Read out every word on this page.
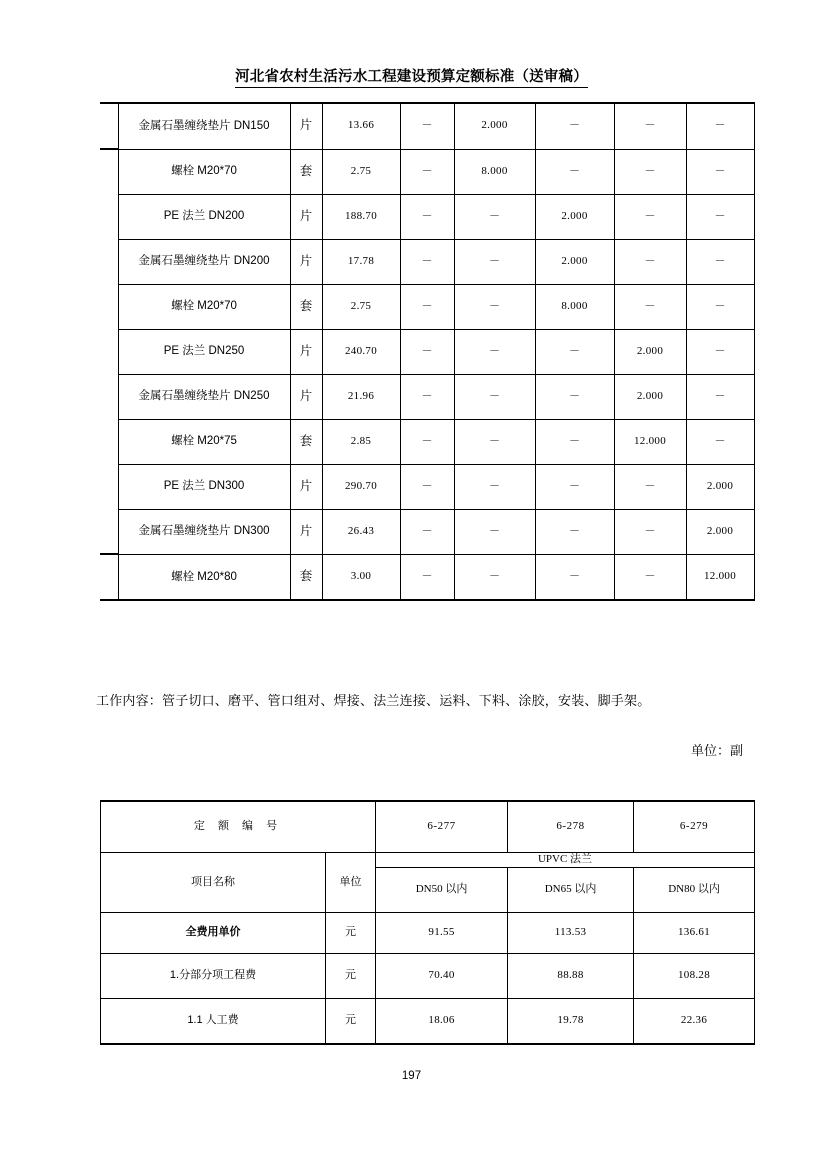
河北省农村生活污水工程建设预算定额标准（送审稿）
	金属石墨缠绕垫片 DN150	片	13.66	－	2.000	－	－	－
	螺栓 M20*70	套	2.75	－	8.000	－	－	－
	PE 法兰 DN200	片	188.70	－	－	2.000	－	－
	金属石墨缠绕垫片 DN200	片	17.78	－	－	2.000	－	－
	螺栓 M20*70	套	2.75	－	－	8.000	－	－
	PE 法兰 DN250	片	240.70	－	－	－	2.000	－
	金属石墨缠绕垫片 DN250	片	21.96	－	－	－	2.000	－
	螺栓 M20*75	套	2.85	－	－	－	12.000	－
	PE 法兰 DN300	片	290.70	－	－	－	－	2.000
	金属石墨缠绕垫片 DN300	片	26.43	－	－	－	－	2.000
	螺栓 M20*80	套	3.00	－	－	－	－	12.000
工作内容：管子切口、磨平、管口组对、焊接、法兰连接、运料、下料、涂胶，安装、脚手架。
单位：副
定 额 编 号		6-277	6-278	6-279
项目名称	单位	UPVC 法兰		
		DN50 以内	DN65 以内	DN80 以内
全费用单价	元	91.55	113.53	136.61
1.分部分项工程费	元	70.40	88.88	108.28
1.1 人工费	元	18.06	19.78	22.36
197
